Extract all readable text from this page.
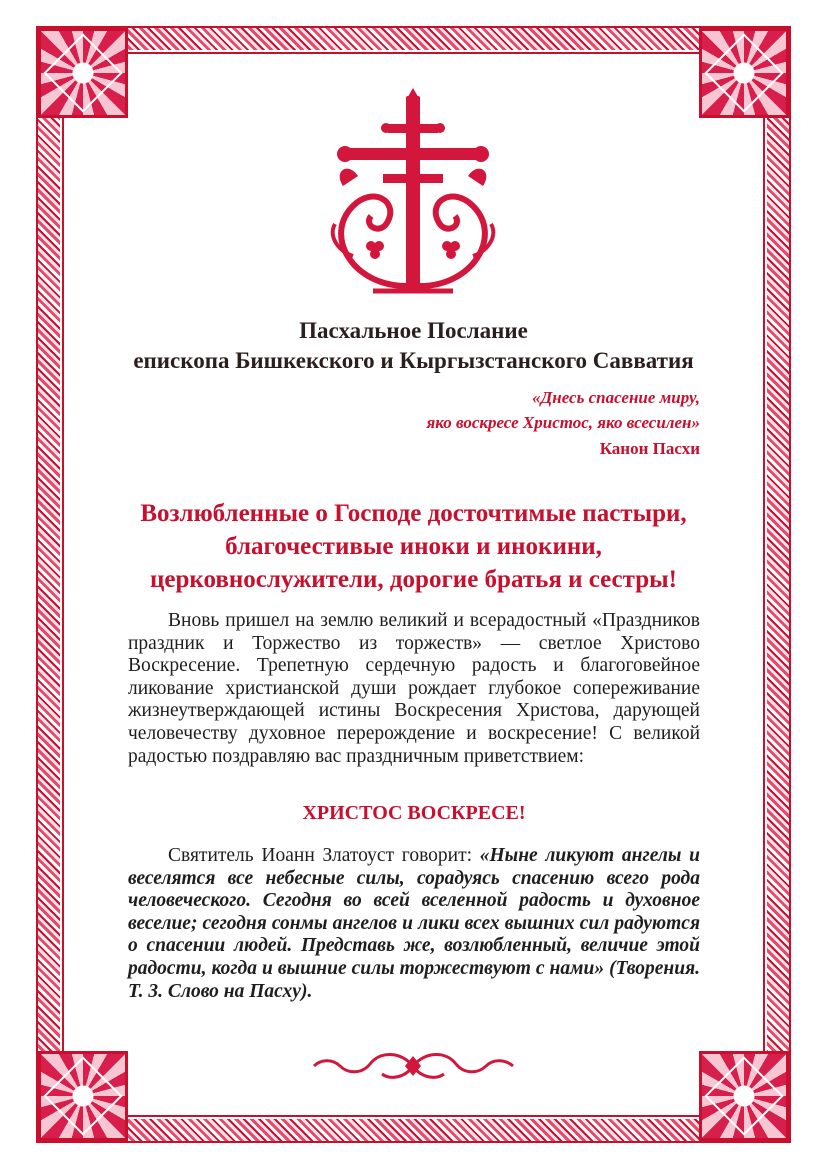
Пасхальное Послание
епископа Бишкекского и Кыргызстанского Савватия
«Днесь спасение миру,
яко воскресе Христос, яко всесилен»
Канон Пасхи
Возлюбленные о Господе досточтимые пастыри,
благочестивые иноки и инокини,
церковнослужители, дорогие братья и сестры!
Вновь пришел на землю великий и всерадостный «Праздников праздник и Торжество из торжеств» — светлое Христово Воскресение. Трепетную сердечную радость и благоговейное ликование христианской души рождает глубокое сопереживание жизнеутверждающей истины Воскресения Христова, дарующей человечеству духовное перерождение и воскресение! С великой радостью поздравляю вас праздничным приветствием:
ХРИСТОС ВОСКРЕСЕ!
Святитель Иоанн Златоуст говорит: «Ныне ликуют ангелы и веселятся все небесные силы, сорадуясь спасению всего рода человеческого. Сегодня во всей вселенной радость и духовное веселие; сегодня сонмы ангелов и лики всех вышних сил радуются о спасении людей. Представь же, возлюбленный, величие этой радости, когда и вышние силы торжествуют с нами» (Творения. Т. 3. Слово на Пасху).
